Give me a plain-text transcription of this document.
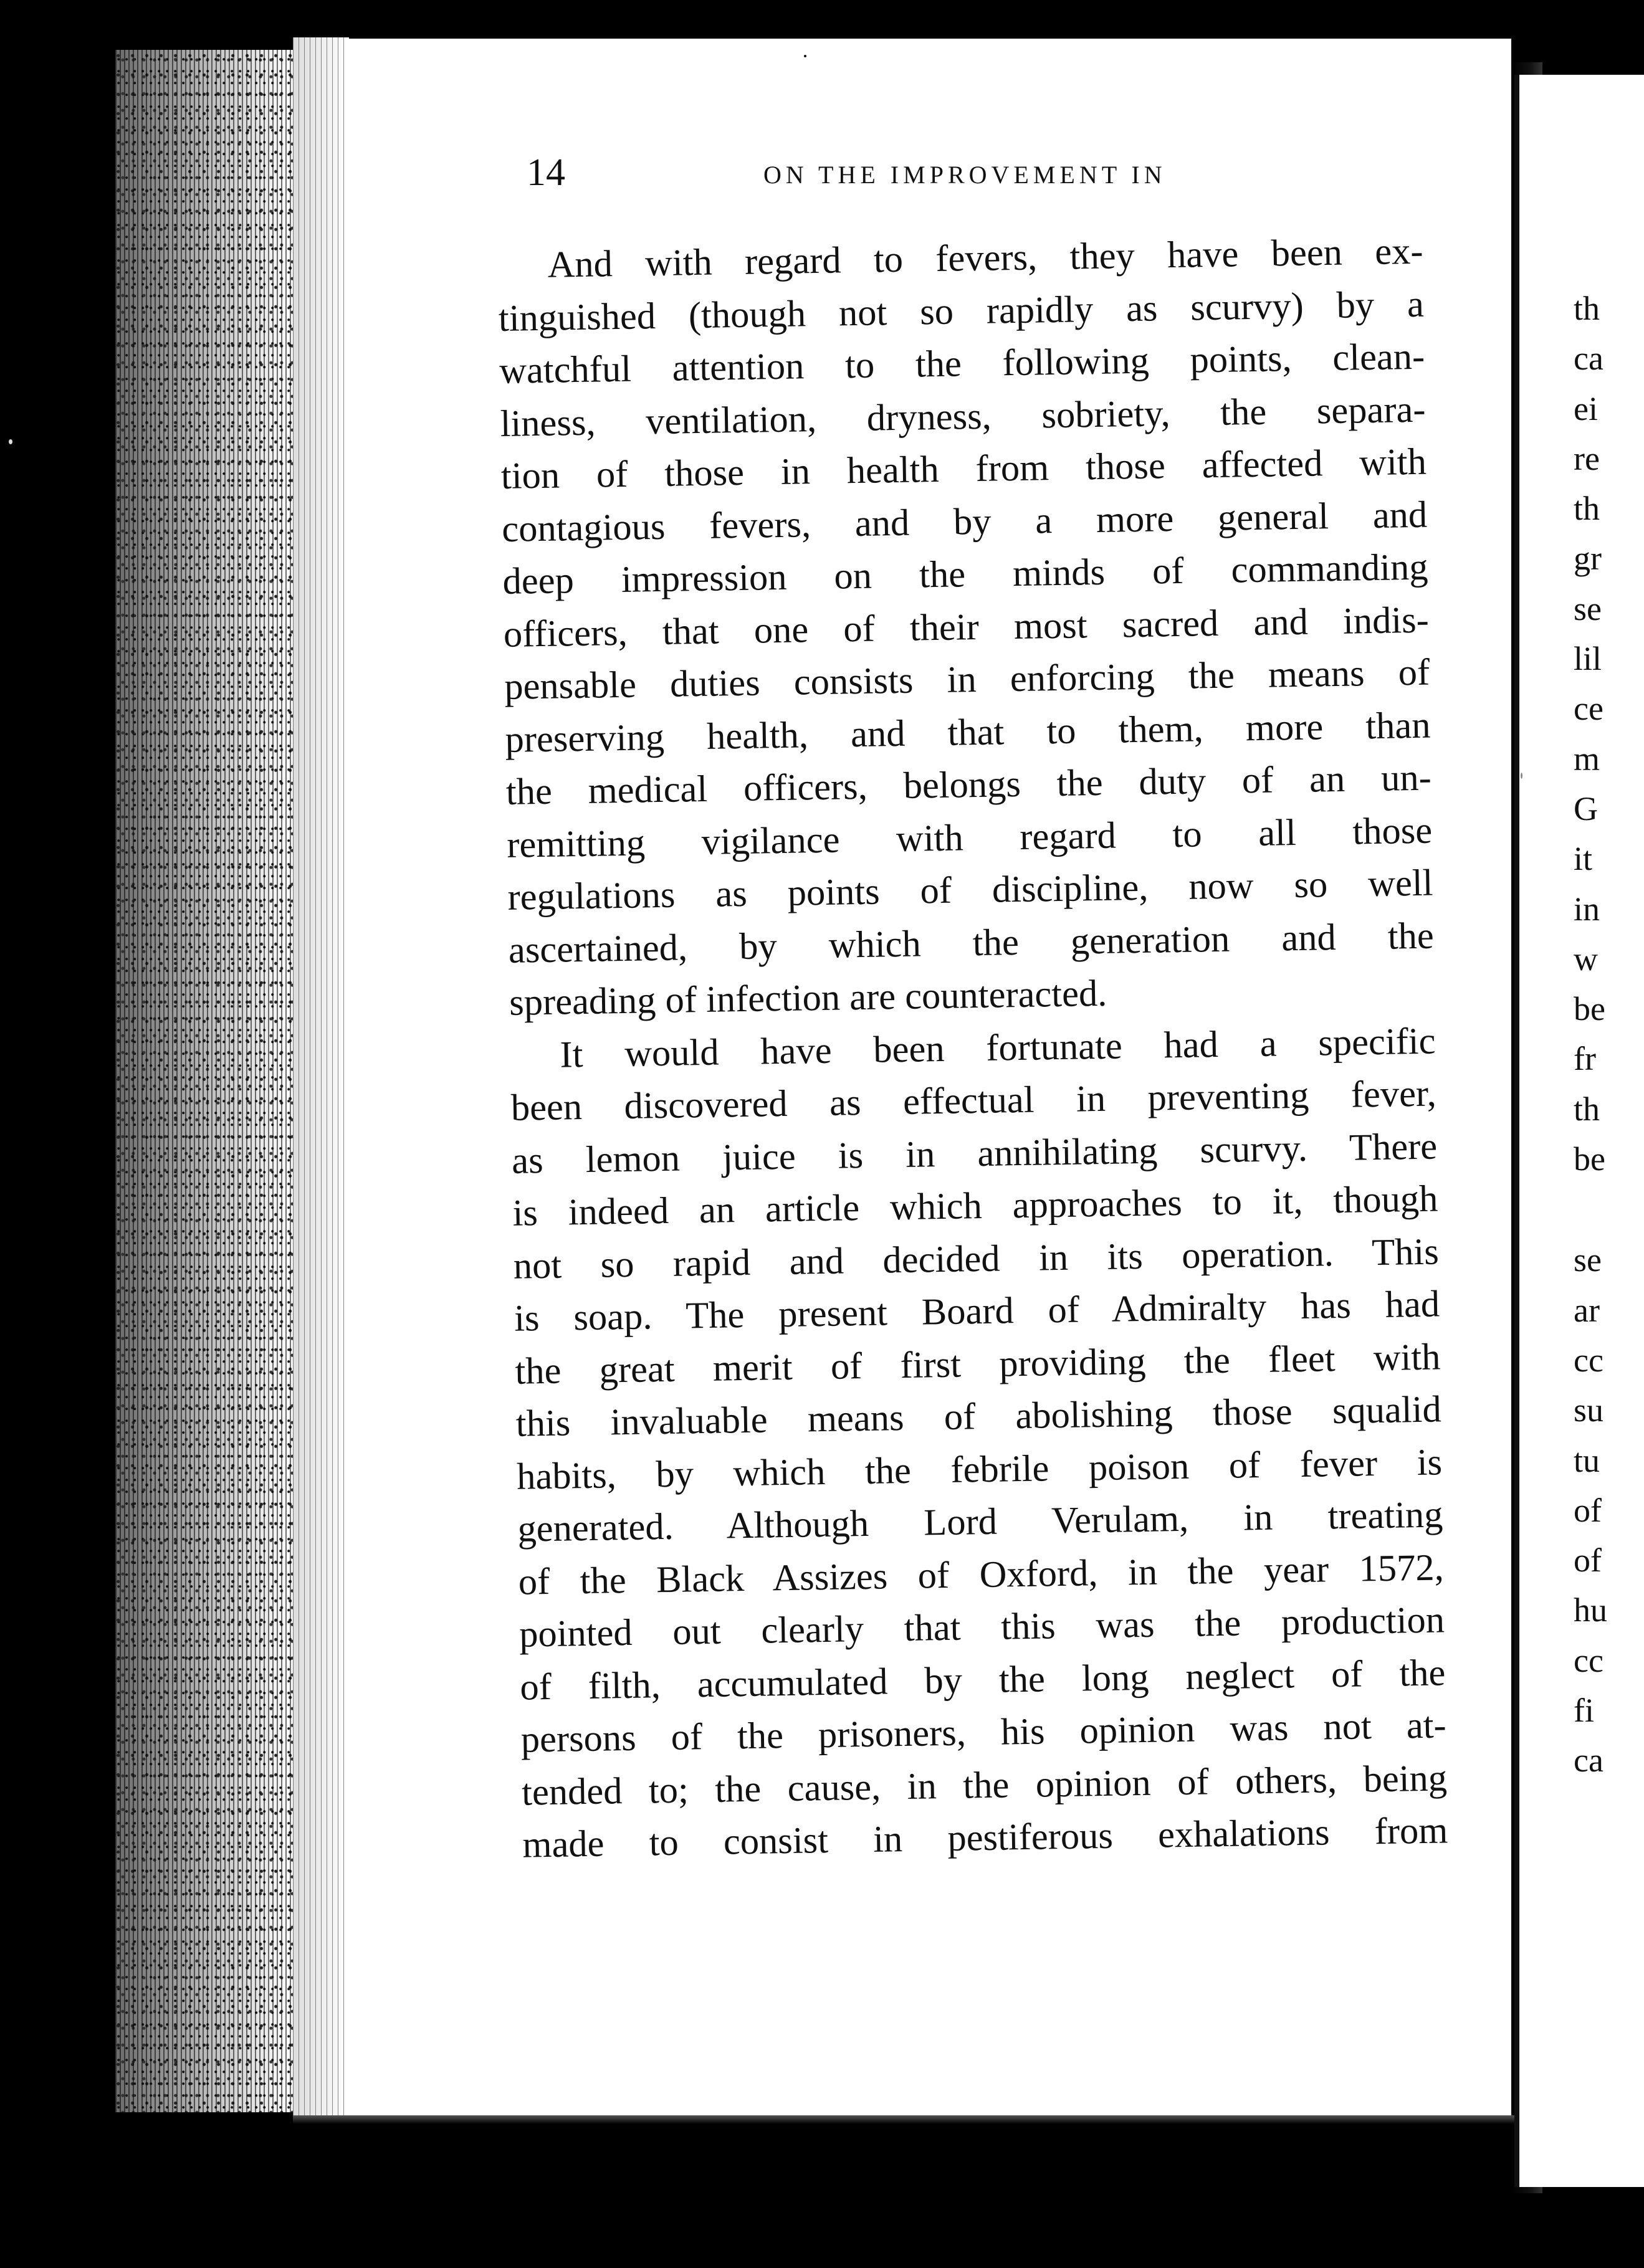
14	ON THE IMPROVEMENT IN

And with regard to fevers, they have been ex-
tinguished (though not so rapidly as scurvy) by a
watchful attention to the following points, clean-
liness, ventilation, dryness, sobriety, the separa-
tion of those in health from those affected with
contagious fevers, and by a more general and
deep impression on the minds of commanding
officers, that one of their most sacred and indis-
pensable duties consists in enforcing the means of
preserving health, and that to them, more than
the medical officers, belongs the duty of an un-
remitting vigilance with regard to all those
regulations as points of discipline, now so well
ascertained, by which the generation and the
spreading of infection are counteracted.

It would have been fortunate had a specific
been discovered as effectual in preventing fever,
as lemon juice is in annihilating scurvy. There
is indeed an article which approaches to it, though
not so rapid and decided in its operation. This
is soap. The present Board of Admiralty has had
the great merit of first providing the fleet with
this invaluable means of abolishing those squalid
habits, by which the febrile poison of fever is
generated. Although Lord Verulam, in treating
of the Black Assizes of Oxford, in the year 1572,
pointed out clearly that this was the production
of filth, accumulated by the long neglect of the
persons of the prisoners, his opinion was not at-
tended to; the cause, in the opinion of others, being
made to consist in pestiferous exhalations from

th
ca
ei
re
th
gr
se
lil
ce
m
G
it
in
w
be
fr
th
be
se
ar
cc
su
tu
of
of
hu
cc
fi
ca
